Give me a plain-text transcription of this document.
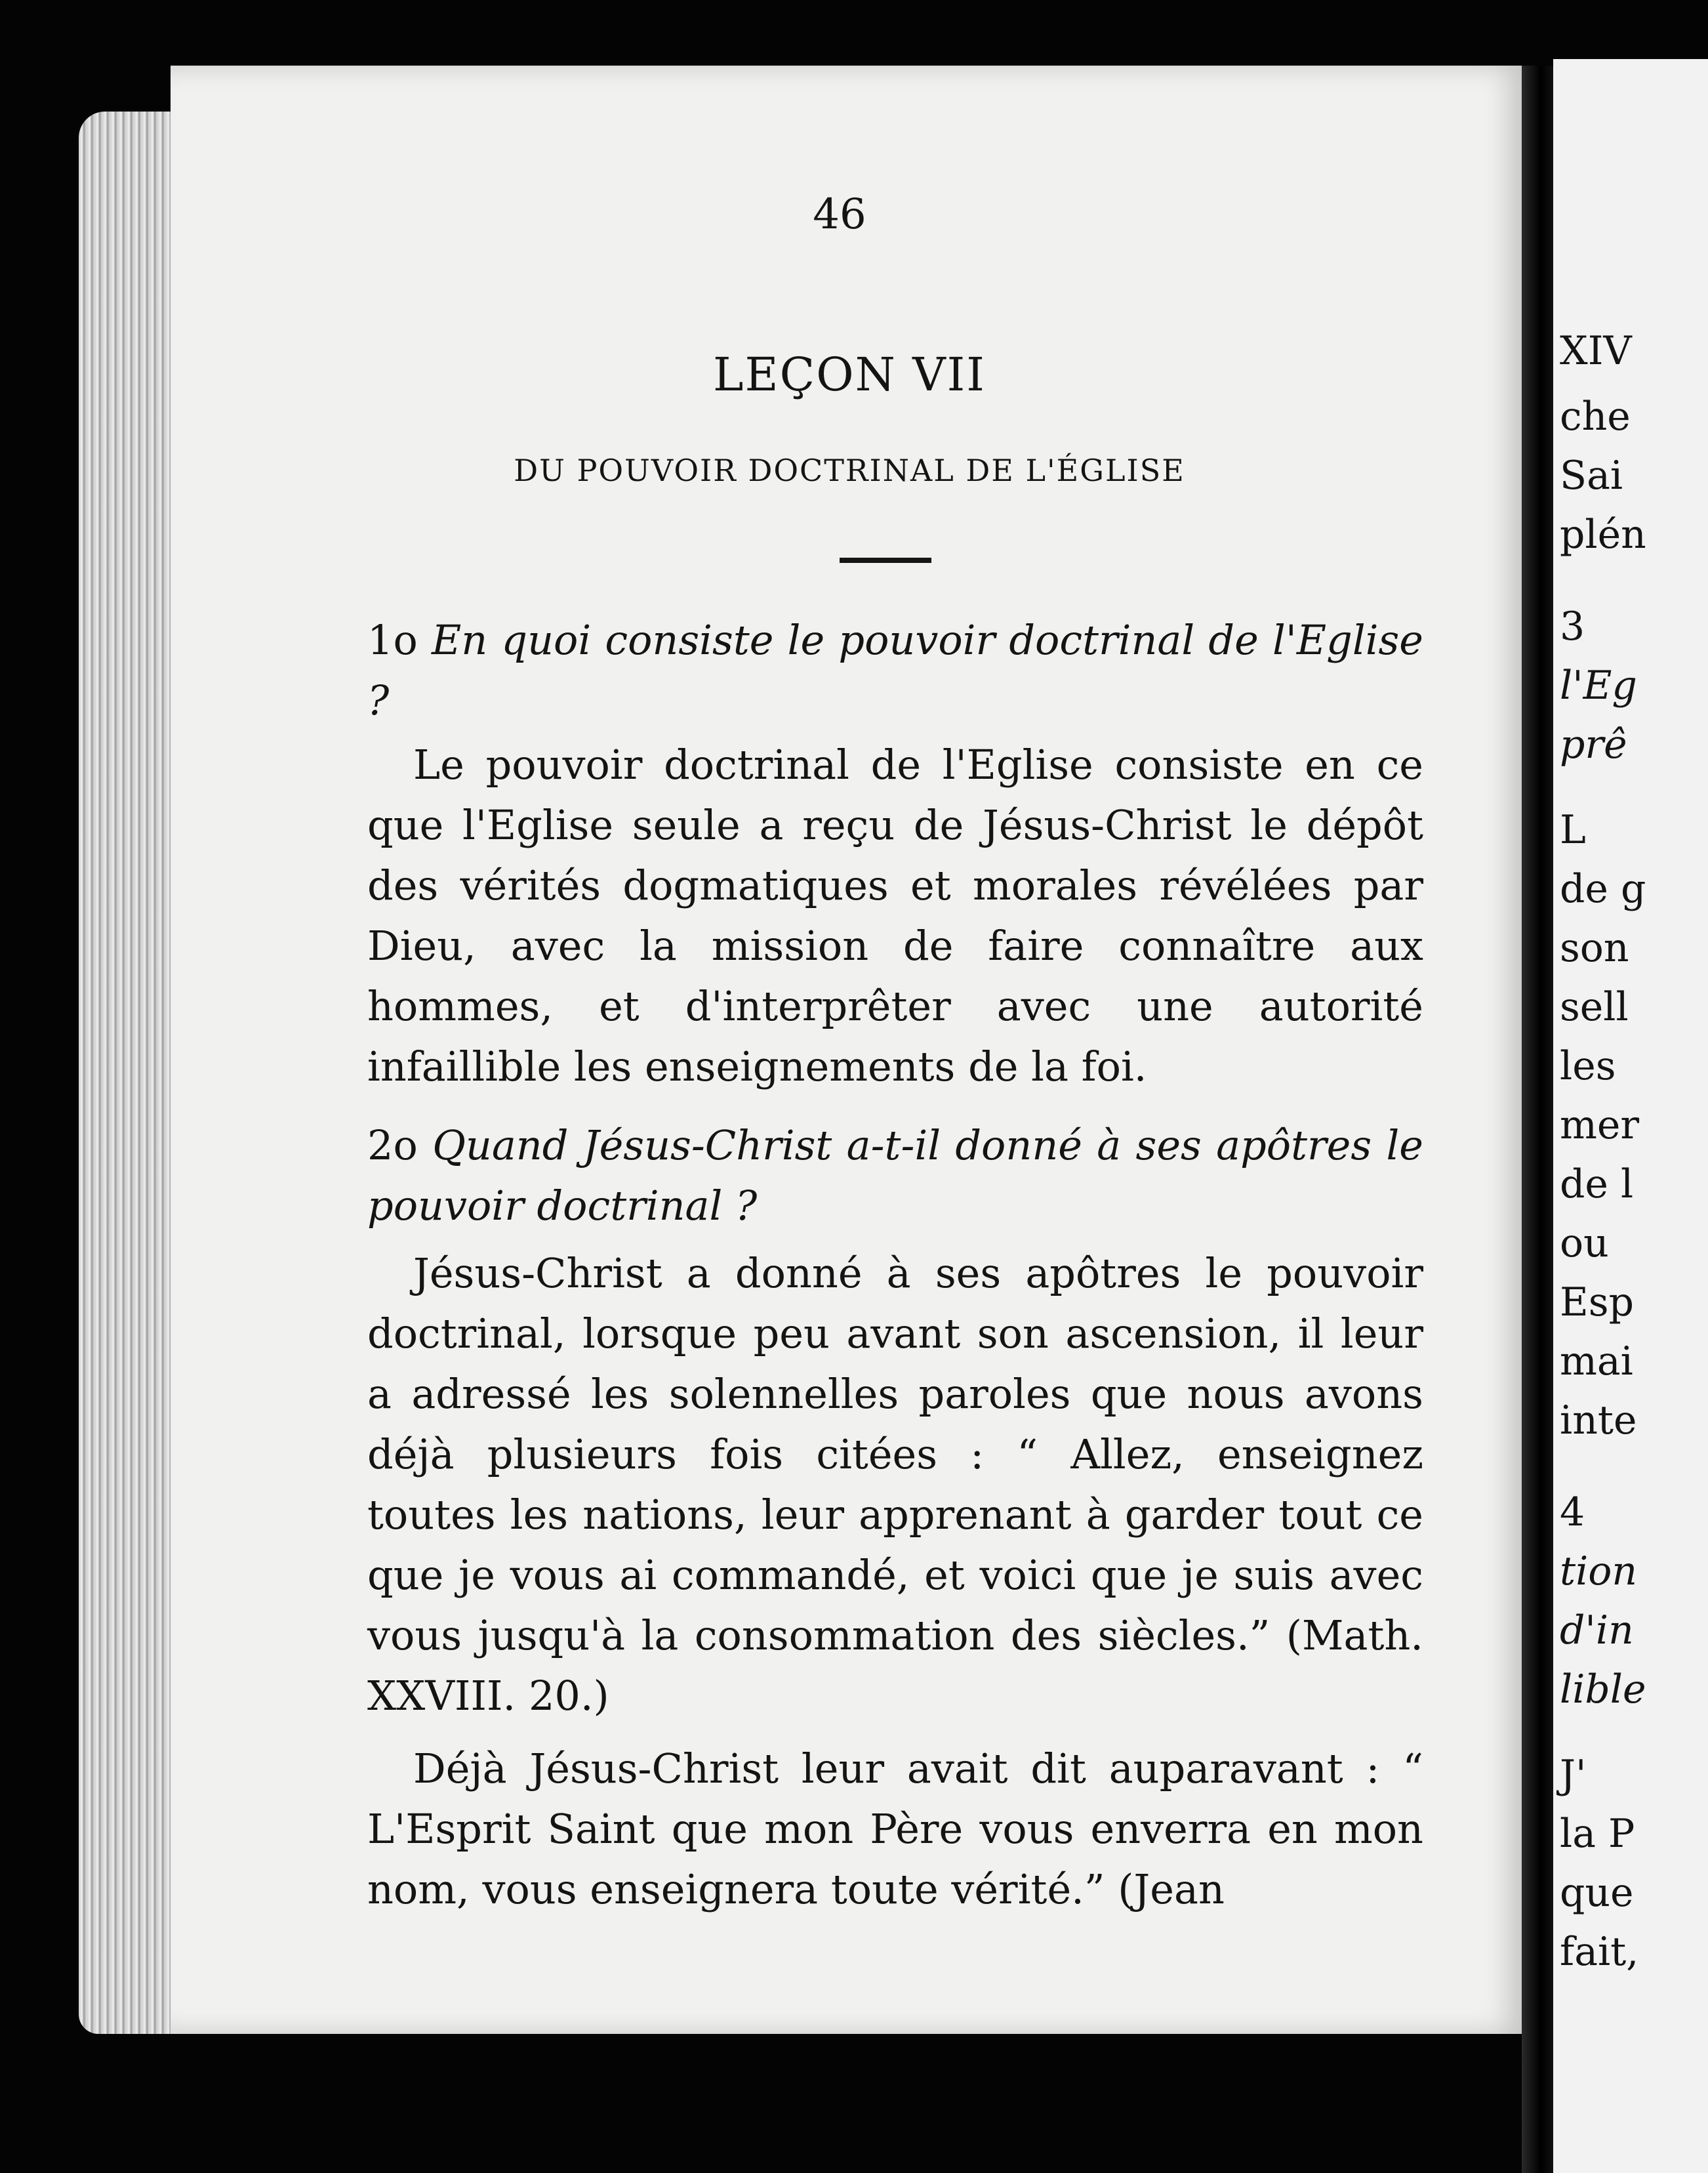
46
LEÇON VII
DU POUVOIR DOCTRINAL DE L'ÉGLISE
1o En quoi consiste le pouvoir doctrinal de l'Eglise ?
Le pouvoir doctrinal de l'Eglise consiste en ce que l'Eglise seule a reçu de Jésus-Christ le dépôt des vérités dogmatiques et morales révélées par Dieu, avec la mission de faire connaître aux hommes, et d'interprêter avec une autorité infaillible les enseignements de la foi.
2o Quand Jésus-Christ a-t-il donné à ses apôtres le pouvoir doctrinal ?
Jésus-Christ a donné à ses apôtres le pouvoir doctrinal, lorsque peu avant son ascension, il leur a adressé les solennelles paroles que nous avons déjà plusieurs fois citées : “ Allez, enseignez toutes les nations, leur apprenant à garder tout ce que je vous ai commandé, et voici que je suis avec vous jusqu'à la consommation des siècles.” (Math. XXVIII. 20.)
Déjà Jésus-Christ leur avait dit auparavant : “ L'Esprit Saint que mon Père vous enverra en mon nom, vous enseignera toute vérité.” (Jean
XIV
che
Sai
plén
3
l'Eg
prê
L
de g
son
sell
les
mer
de l
ou
Esp
mai
inte
4
tion
d'in
lible
J'
la P
que
fait,
